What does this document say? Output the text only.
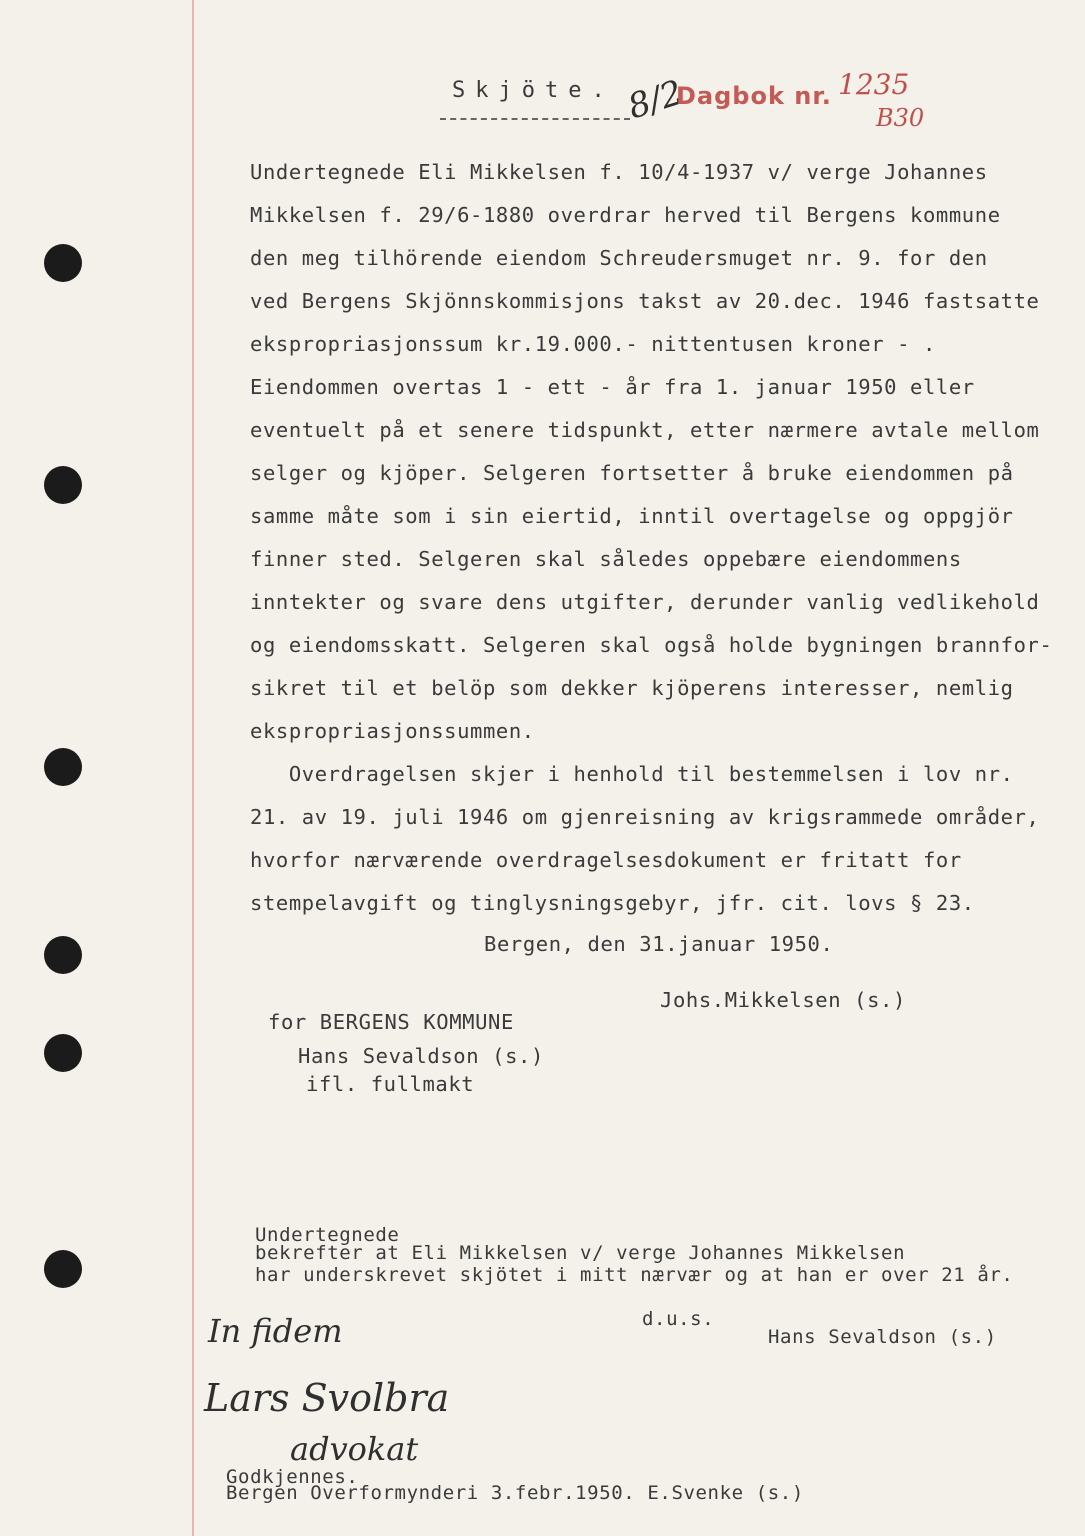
Skjöte. 8/2
Dagbok nr. 1235
B30
Undertegnede Eli Mikkelsen f. 10/4-1937 v/ verge Johannes
Mikkelsen f. 29/6-1880 overdrar herved til Bergens kommune
den meg tilhörende eiendom Schreudersmuget nr. 9. for den
ved Bergens Skjönnskommisjons takst av 20.dec. 1946 fastsatte
ekspropriasjonssum kr.19.000.- nittentusen kroner - .
Eiendommen overtas 1 - ett - år fra 1. januar 1950 eller
eventuelt på et senere tidspunkt, etter nærmere avtale mellom
selger og kjöper. Selgeren fortsetter å bruke eiendommen på
samme måte som i sin eiertid, inntil overtagelse og oppgjör
finner sted. Selgeren skal således oppebære eiendommens
inntekter og svare dens utgifter, derunder vanlig vedlikehold
og eiendomsskatt. Selgeren skal også holde bygningen brannfor-
sikret til et belöp som dekker kjöperens interesser, nemlig
ekspropriasjonssummen.
Overdragelsen skjer i henhold til bestemmelsen i lov nr.
21. av 19. juli 1946 om gjenreisning av krigsrammede områder,
hvorfor nærværende overdragelsesdokument er fritatt for
stempelavgift og tinglysningsgebyr, jfr. cit. lovs § 23.
Bergen, den 31.januar 1950.
Johs.Mikkelsen (s.)
for BERGENS KOMMUNE
Hans Sevaldson (s.)
ifl. fullmakt
Undertegnede
bekrefter at Eli Mikkelsen v/ verge Johannes Mikkelsen
har underskrevet skjötet i mitt nærvær og at han er over 21 år.
d.u.s.
Hans Sevaldson (s.)
In fidem
Lars Svolbra
advokat
Godkjennes.
Bergen Overformynderi 3.febr.1950. E.Svenke (s.)
